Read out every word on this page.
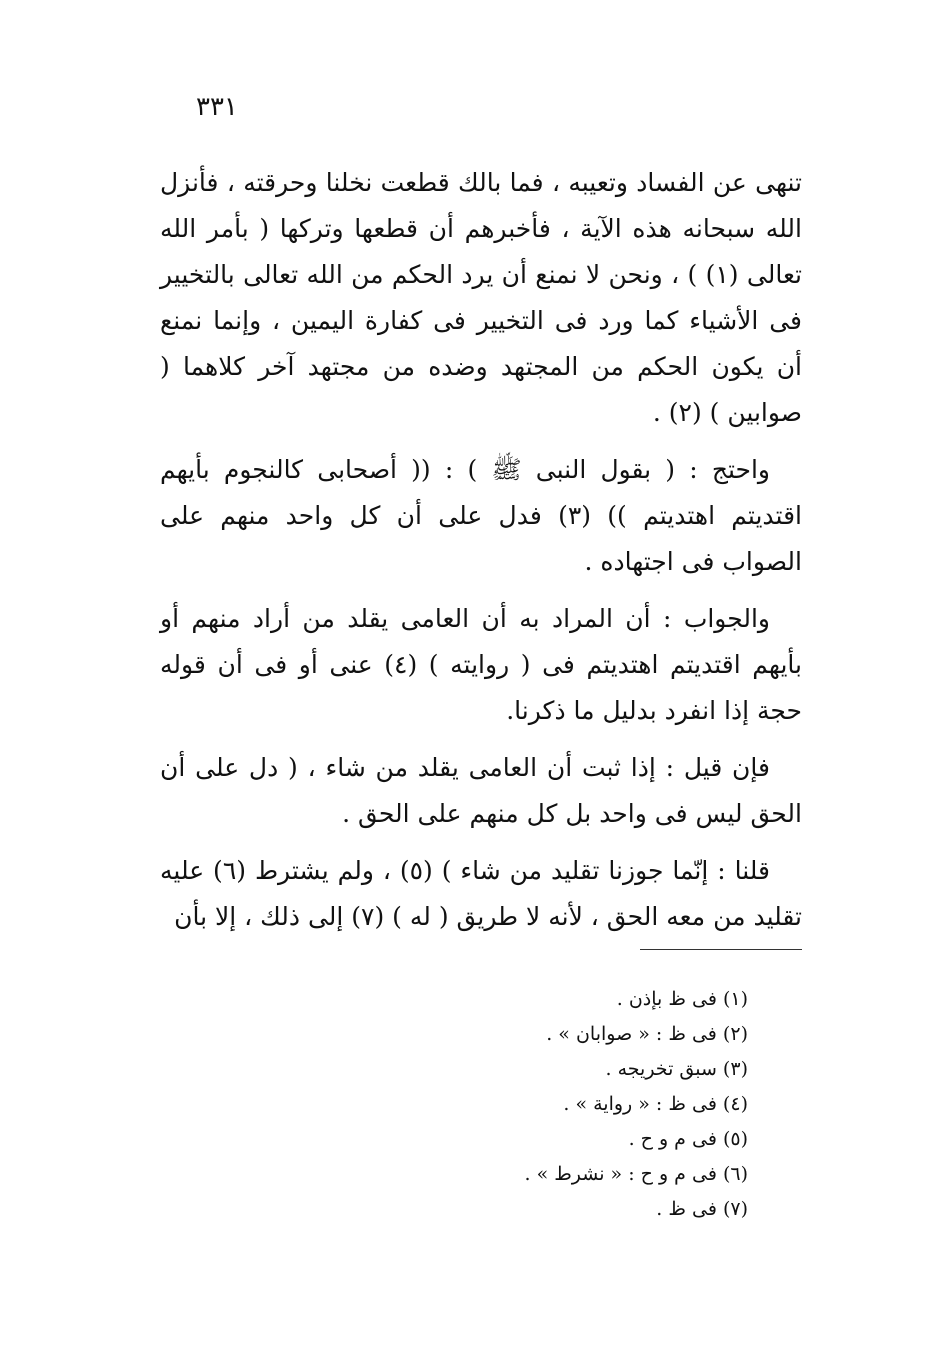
٣٣١

تنهى عن الفساد وتعيبه ، فما بالك قطعت نخلنا وحرقته ، فأنزل الله سبحانه هذه الآية ، فأخبرهم أن قطعها وتركها ( بأمر الله تعالى (١) ) ، ونحن لا نمنع أن يرد الحكم من الله تعالى بالتخيير فى الأشياء كما ورد فى التخيير فى كفارة اليمين ، وإنما نمنع أن يكون الحكم من المجتهد وضده من مجتهد آخر كلاهما ( صوابين ) (٢) .

واحتج : ( بقول النبى ﷺ ) : (( أصحابى كالنجوم بأيهم اقتديتم اهتديتم )) (٣) فدل على أن كل واحد منهم على الصواب فى اجتهاده .

والجواب : أن المراد به أن العامى يقلد من أراد منهم أو بأيهم اقتديتم اهتديتم فى ( روايته ) (٤) عنى أو فى أن قوله حجة إذا انفرد بدليل ما ذكرنا.

فإن قيل : إذا ثبت أن العامى يقلد من شاء ، ( دل على أن الحق ليس فى واحد بل كل منهم على الحق .

قلنا : إنّما جوزنا تقليد من شاء ) (٥) ، ولم يشترط (٦) عليه تقليد من معه الحق ، لأنه لا طريق ( له ) (٧) إلى ذلك ، إلا بأن

(١) فى ظ بإذن .
(٢) فى ظ : « صوابان » .
(٣) سبق تخريجه .
(٤) فى ظ : « رواية » .
(٥) فى م و ح .
(٦) فى م و ح : « نشرط » .
(٧) فى ظ .
